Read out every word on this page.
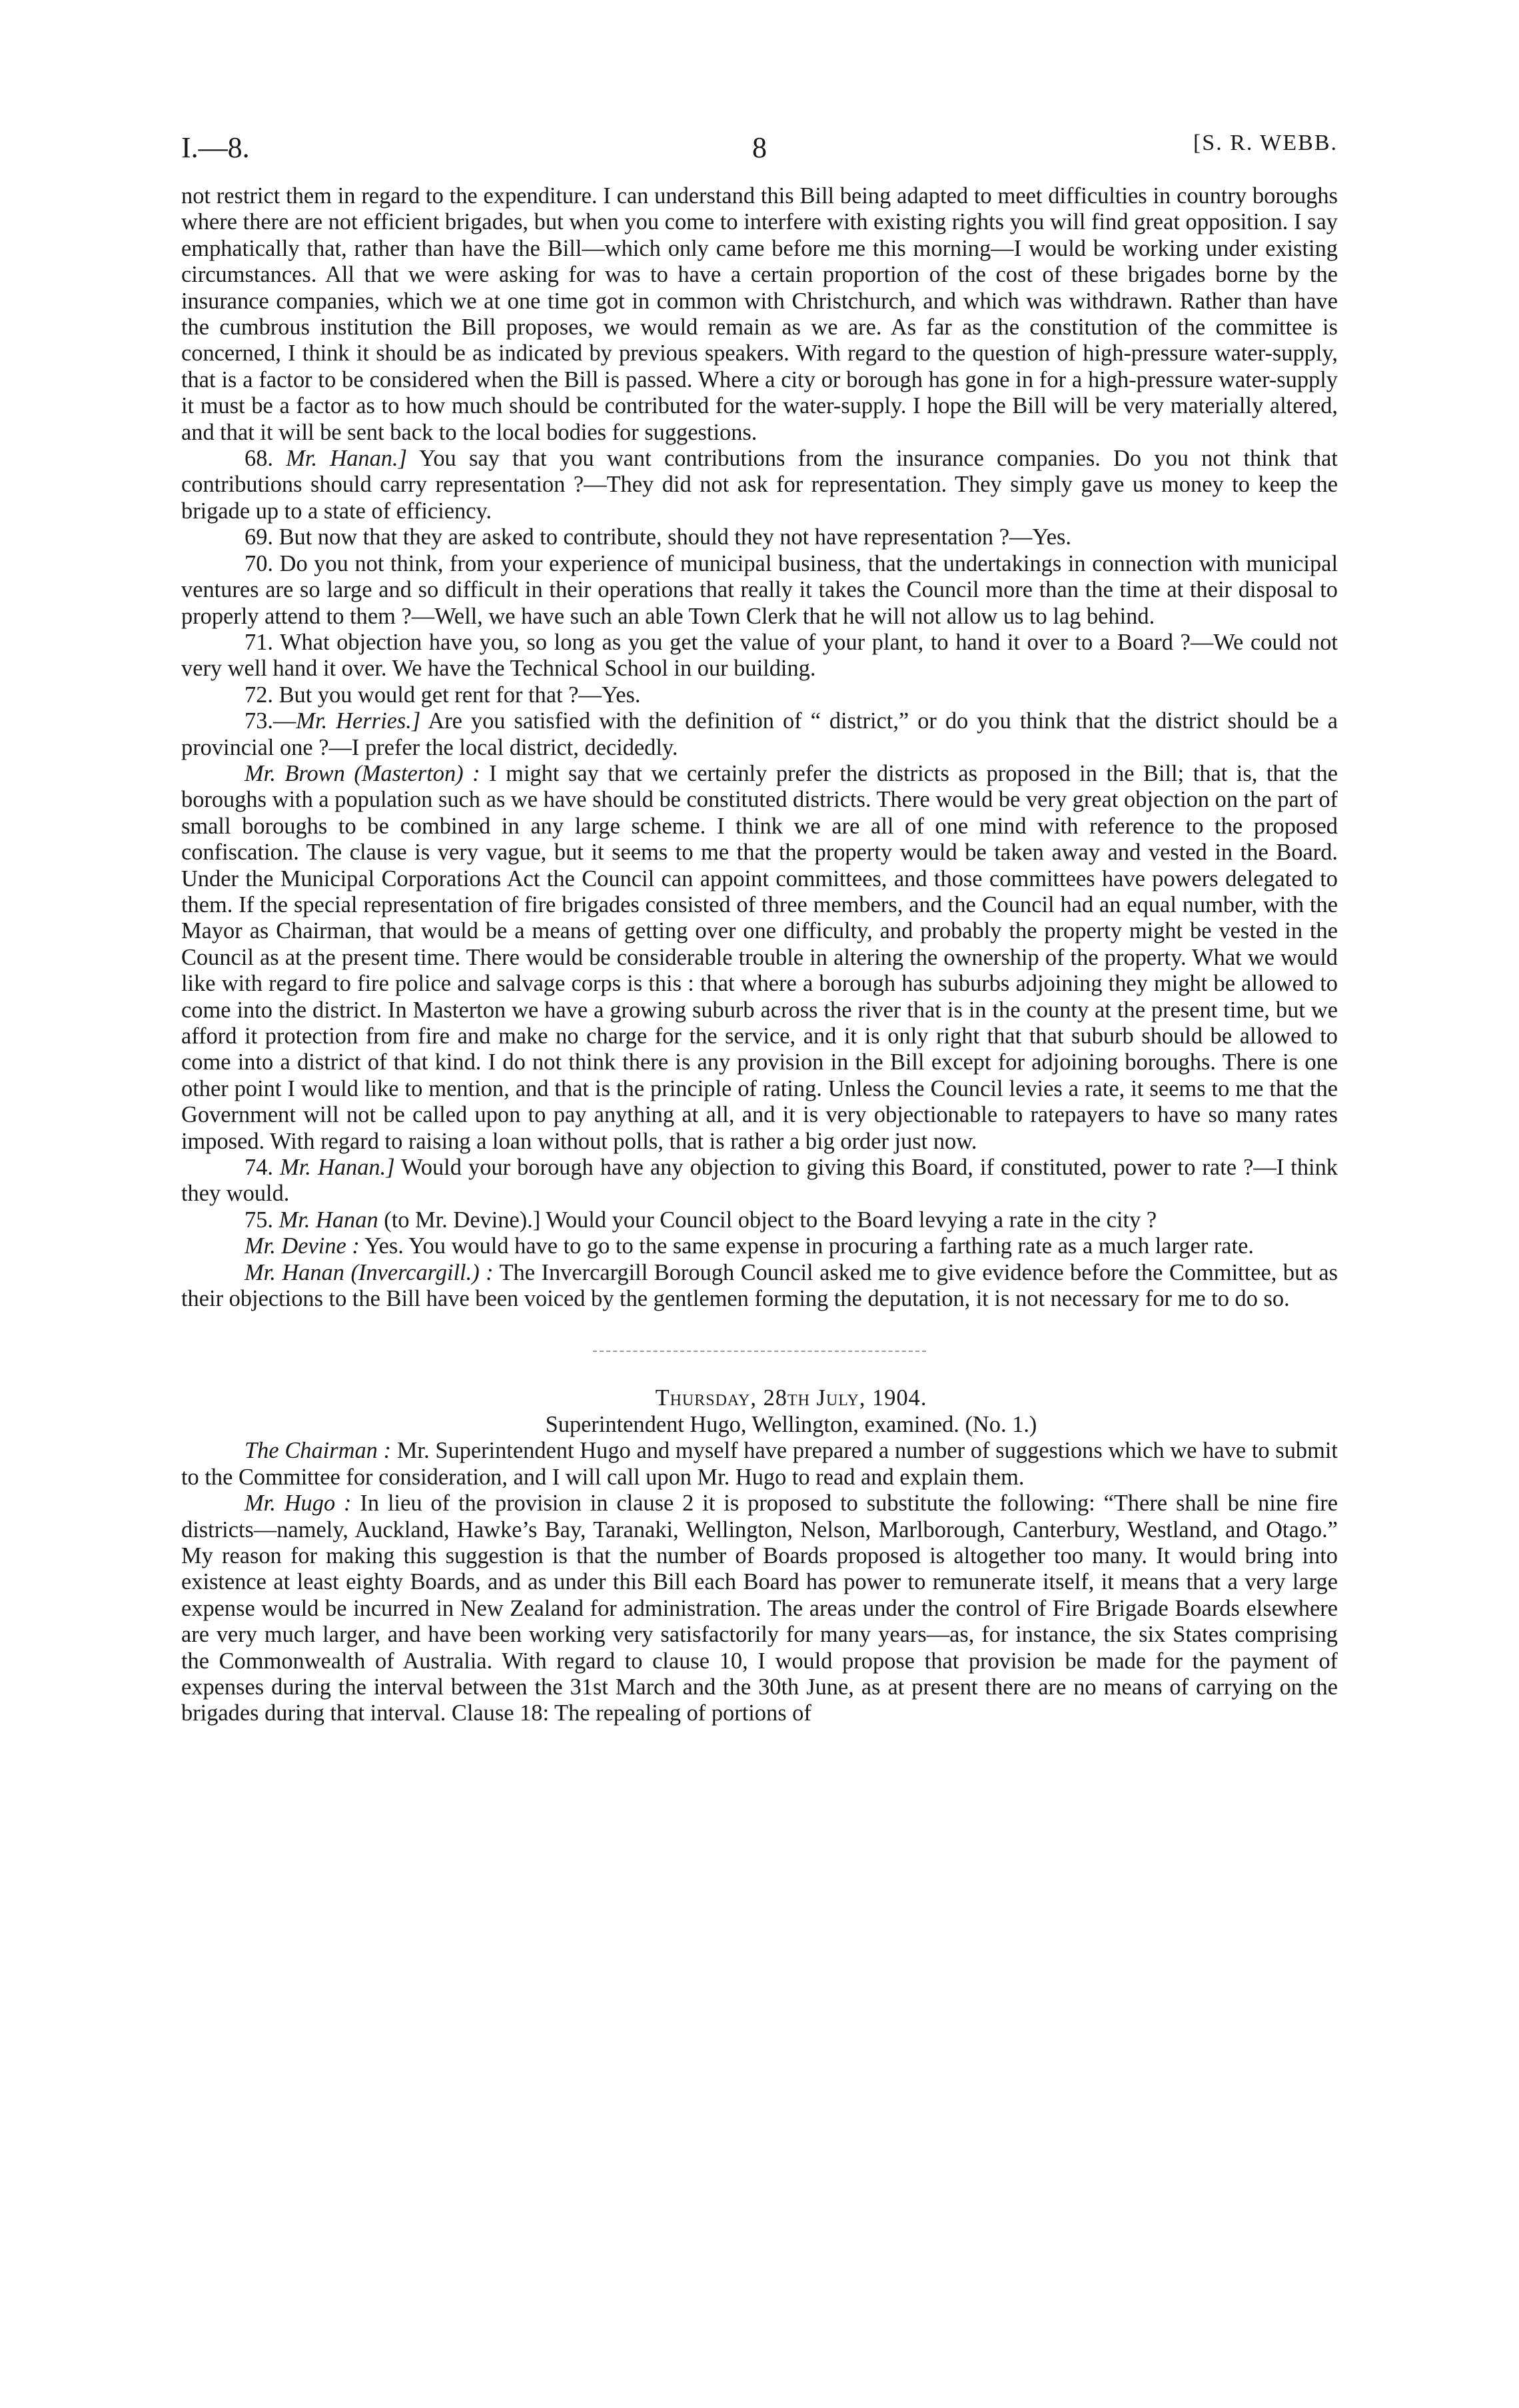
I.—8.	8	[S. R. WEBB.

not restrict them in regard to the expenditure. I can understand this Bill being adapted to meet difficulties in country boroughs where there are not efficient brigades, but when you come to interfere with existing rights you will find great opposition. I say emphatically that, rather than have the Bill—which only came before me this morning—I would be working under existing circumstances. All that we were asking for was to have a certain proportion of the cost of these brigades borne by the insurance companies, which we at one time got in common with Christchurch, and which was withdrawn. Rather than have the cumbrous institution the Bill proposes, we would remain as we are. As far as the constitution of the committee is concerned, I think it should be as indicated by previous speakers. With regard to the question of high-pressure water-supply, that is a factor to be considered when the Bill is passed. Where a city or borough has gone in for a high-pressure water-supply it must be a factor as to how much should be contributed for the water-supply. I hope the Bill will be very materially altered, and that it will be sent back to the local bodies for suggestions.

68. Mr. Hanan.] You say that you want contributions from the insurance companies. Do you not think that contributions should carry representation ?—They did not ask for representation. They simply gave us money to keep the brigade up to a state of efficiency.

69. But now that they are asked to contribute, should they not have representation ?—Yes.

70. Do you not think, from your experience of municipal business, that the undertakings in connection with municipal ventures are so large and so difficult in their operations that really it takes the Council more than the time at their disposal to properly attend to them ?—Well, we have such an able Town Clerk that he will not allow us to lag behind.

71. What objection have you, so long as you get the value of your plant, to hand it over to a Board ?—We could not very well hand it over. We have the Technical School in our building.

72. But you would get rent for that ?—Yes.

73.—Mr. Herries.] Are you satisfied with the definition of “ district,” or do you think that the district should be a provincial one ?—I prefer the local district, decidedly.

Mr. Brown (Masterton) : I might say that we certainly prefer the districts as proposed in the Bill; that is, that the boroughs with a population such as we have should be constituted districts. There would be very great objection on the part of small boroughs to be combined in any large scheme. I think we are all of one mind with reference to the proposed confiscation. The clause is very vague, but it seems to me that the property would be taken away and vested in the Board. Under the Municipal Corporations Act the Council can appoint committees, and those committees have powers delegated to them. If the special representation of fire brigades consisted of three members, and the Council had an equal number, with the Mayor as Chairman, that would be a means of getting over one difficulty, and probably the property might be vested in the Council as at the present time. There would be considerable trouble in altering the ownership of the property. What we would like with regard to fire police and salvage corps is this : that where a borough has suburbs adjoining they might be allowed to come into the district. In Masterton we have a growing suburb across the river that is in the county at the present time, but we afford it protection from fire and make no charge for the service, and it is only right that that suburb should be allowed to come into a district of that kind. I do not think there is any provision in the Bill except for adjoining boroughs. There is one other point I would like to mention, and that is the principle of rating. Unless the Council levies a rate, it seems to me that the Government will not be called upon to pay anything at all, and it is very objectionable to ratepayers to have so many rates imposed. With regard to raising a loan without polls, that is rather a big order just now.

74. Mr. Hanan.] Would your borough have any objection to giving this Board, if constituted, power to rate ?—I think they would.

75. Mr. Hanan (to Mr. Devine).] Would your Council object to the Board levying a rate in the city ?

Mr. Devine : Yes. You would have to go to the same expense in procuring a farthing rate as a much larger rate.

Mr. Hanan (Invercargill.) : The Invercargill Borough Council asked me to give evidence before the Committee, but as their objections to the Bill have been voiced by the gentlemen forming the deputation, it is not necessary for me to do so.

Thursday, 28th July, 1904.

Superintendent Hugo, Wellington, examined. (No. 1.)

The Chairman : Mr. Superintendent Hugo and myself have prepared a number of suggestions which we have to submit to the Committee for consideration, and I will call upon Mr. Hugo to read and explain them.

Mr. Hugo : In lieu of the provision in clause 2 it is proposed to substitute the following: “There shall be nine fire districts—namely, Auckland, Hawke’s Bay, Taranaki, Wellington, Nelson, Marlborough, Canterbury, Westland, and Otago.” My reason for making this suggestion is that the number of Boards proposed is altogether too many. It would bring into existence at least eighty Boards, and as under this Bill each Board has power to remunerate itself, it means that a very large expense would be incurred in New Zealand for administration. The areas under the control of Fire Brigade Boards elsewhere are very much larger, and have been working very satisfactorily for many years—as, for instance, the six States comprising the Commonwealth of Australia. With regard to clause 10, I would propose that provision be made for the payment of expenses during the interval between the 31st March and the 30th June, as at present there are no means of carrying on the brigades during that interval. Clause 18: The repealing of portions of
